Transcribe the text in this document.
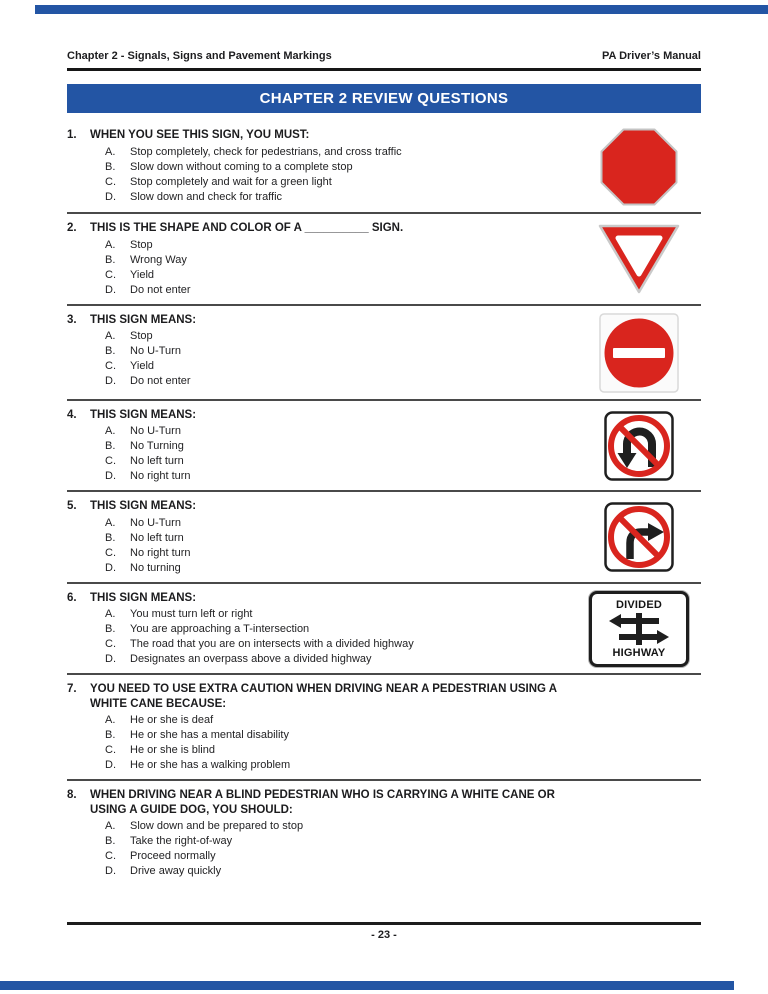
Chapter 2 - Signals, Signs and Pavement Markings	PA Driver’s Manual
CHAPTER 2 REVIEW QUESTIONS
1.	WHEN YOU SEE THIS SIGN, YOU MUST:
A.	Stop completely, check for pedestrians, and cross traffic
B.	Slow down without coming to a complete stop
C.	Stop completely and wait for a green light
D.	Slow down and check for traffic
2.	THIS IS THE SHAPE AND COLOR OF A __________ SIGN.
A.	Stop
B.	Wrong Way
C.	Yield
D.	Do not enter
3.	THIS SIGN MEANS:
A.	Stop
B.	No U-Turn
C.	Yield
D.	Do not enter
4.	THIS SIGN MEANS:
A.	No U-Turn
B.	No Turning
C.	No left turn
D.	No right turn
5.	THIS SIGN MEANS:
A.	No U-Turn
B.	No left turn
C.	No right turn
D.	No turning
6.	THIS SIGN MEANS:
A.	You must turn left or right
B.	You are approaching a T-intersection
C.	The road that you are on intersects with a divided highway
D.	Designates an overpass above a divided highway
DIVIDED
HIGHWAY
7.	YOU NEED TO USE EXTRA CAUTION WHEN DRIVING NEAR A PEDESTRIAN USING A WHITE CANE BECAUSE:
A.	He or she is deaf
B.	He or she has a mental disability
C.	He or she is blind
D.	He or she has a walking problem
8.	WHEN DRIVING NEAR A BLIND PEDESTRIAN WHO IS CARRYING A WHITE CANE OR USING A GUIDE DOG, YOU SHOULD:
A.	Slow down and be prepared to stop
B.	Take the right-of-way
C.	Proceed normally
D.	Drive away quickly
- 23 -
